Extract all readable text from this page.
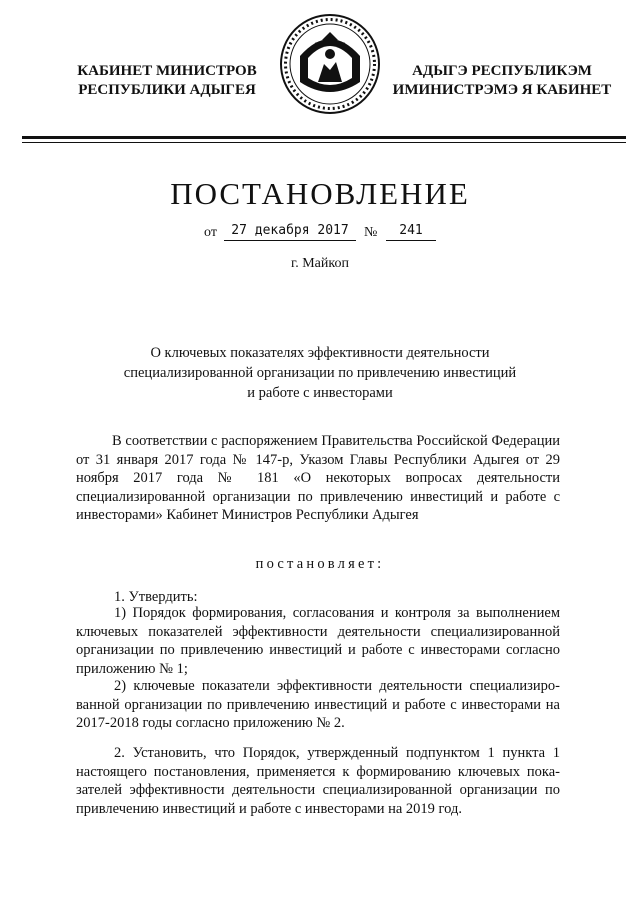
КАБИНЕТ МИНИСТРОВ
РЕСПУБЛИКИ АДЫГЕЯ
АДЫГЭ РЕСПУБЛИКЭМ
ИМИНИСТРЭМЭ Я КАБИНЕТ
ПОСТАНОВЛЕНИЕ
от	27 декабря 2017	№	241
г. Майкоп
О ключевых показателях эффективности деятельности
специализированной организации по привлечению инвестиций
и работе с инвесторами
В соответствии с распоряжением Правительства Российской Федерации от 31 января 2017 года № 147-р, Указом Главы Республики Адыгея от 29 ноября 2017 года № 181 «О некоторых вопросах деятельности специализированной организации по привлечению инвестиций и работе с инвесторами» Кабинет Министров Республики Адыгея
постановляет:
1. Утвердить:
1) Порядок формирования, согласования и контроля за выполнением ключевых показателей эффективности деятельности специализированной организации по привлечению инвестиций и работе с инвесторами согласно приложению № 1;
2) ключевые показатели эффективности деятельности специализиро-ванной организации по привлечению инвестиций и работе с инвесторами на 2017-2018 годы согласно приложению № 2.
2. Установить, что Порядок, утвержденный подпунктом 1 пункта 1 настоящего постановления, применяется к формированию ключевых пока-зателей эффективности деятельности специализированной организации по привлечению инвестиций и работе с инвесторами на 2019 год.
